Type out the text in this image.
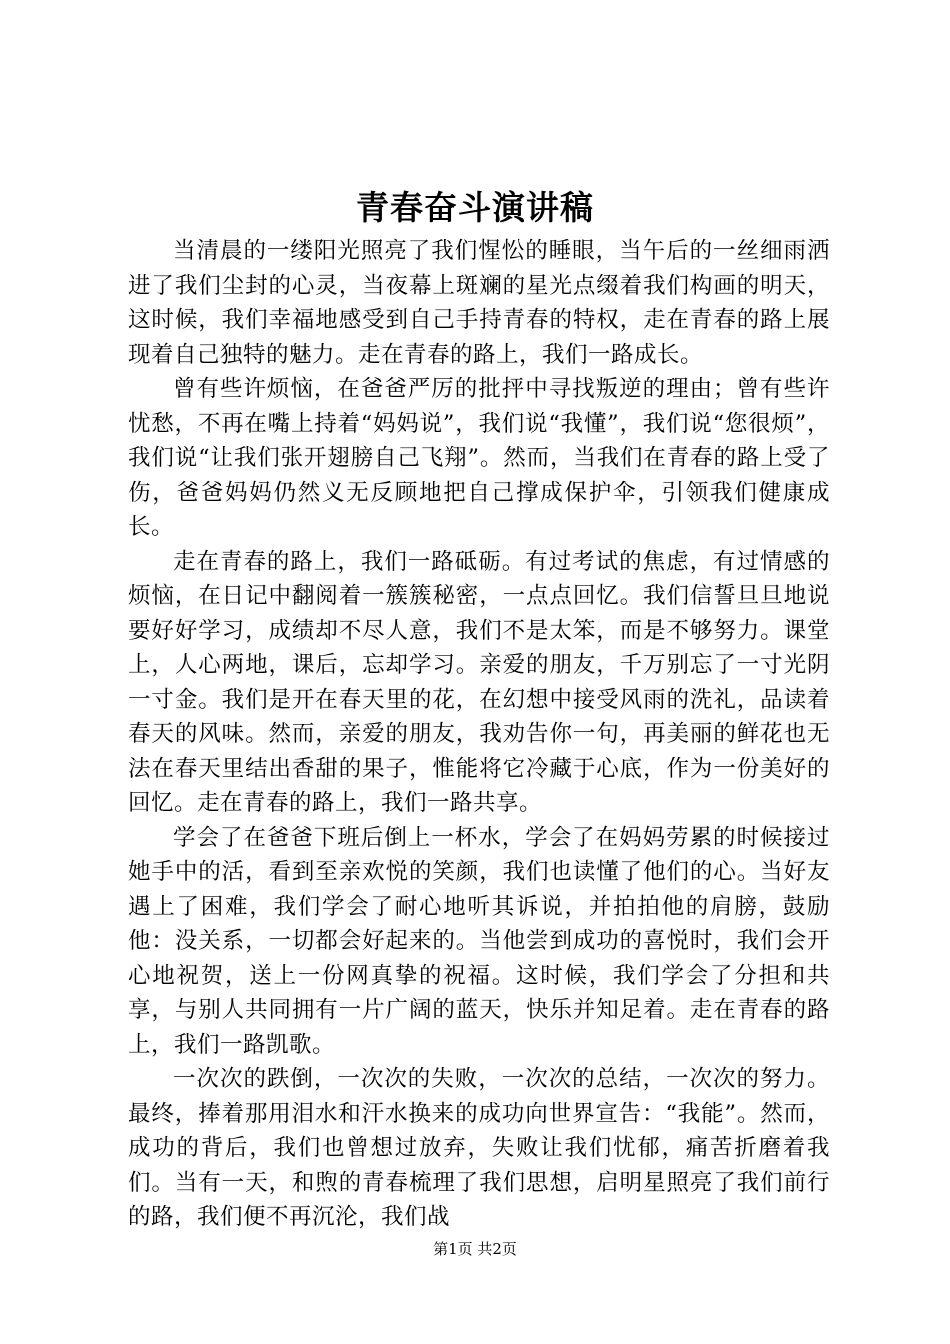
青春奋斗演讲稿

当清晨的一缕阳光照亮了我们惺忪的睡眼，当午后的一丝细雨洒进了我们尘封的心灵，当夜幕上斑斓的星光点缀着我们构画的明天，这时候，我们幸福地感受到自己手持青春的特权，走在青春的路上展现着自己独特的魅力。走在青春的路上，我们一路成长。

曾有些许烦恼，在爸爸严厉的批抨中寻找叛逆的理由；曾有些许忧愁，不再在嘴上持着“妈妈说”，我们说“我懂”，我们说“您很烦”，我们说“让我们张开翅膀自己飞翔”。然而，当我们在青春的路上受了伤，爸爸妈妈仍然义无反顾地把自己撑成保护伞，引领我们健康成长。

走在青春的路上，我们一路砥砺。有过考试的焦虑，有过情感的烦恼，在日记中翻阅着一簇簇秘密，一点点回忆。我们信誓旦旦地说要好好学习，成绩却不尽人意，我们不是太笨，而是不够努力。课堂上，人心两地，课后，忘却学习。亲爱的朋友，千万别忘了一寸光阴一寸金。我们是开在春天里的花，在幻想中接受风雨的洗礼，品读着春天的风味。然而，亲爱的朋友，我劝告你一句，再美丽的鲜花也无法在春天里结出香甜的果子，惟能将它冷藏于心底，作为一份美好的回忆。走在青春的路上，我们一路共享。

学会了在爸爸下班后倒上一杯水，学会了在妈妈劳累的时候接过她手中的活，看到至亲欢悦的笑颜，我们也读懂了他们的心。当好友遇上了困难，我们学会了耐心地听其诉说，并拍拍他的肩膀，鼓励他：没关系，一切都会好起来的。当他尝到成功的喜悦时，我们会开心地祝贺，送上一份网真挚的祝福。这时候，我们学会了分担和共享，与别人共同拥有一片广阔的蓝天，快乐并知足着。走在青春的路上，我们一路凯歌。

一次次的跌倒，一次次的失败，一次次的总结，一次次的努力。最终，捧着那用泪水和汗水换来的成功向世界宣告：“我能”。然而，成功的背后，我们也曾想过放弃，失败让我们忧郁，痛苦折磨着我们。当有一天，和煦的青春梳理了我们思想，启明星照亮了我们前行的路，我们便不再沉沦，我们战

第1页 共2页
